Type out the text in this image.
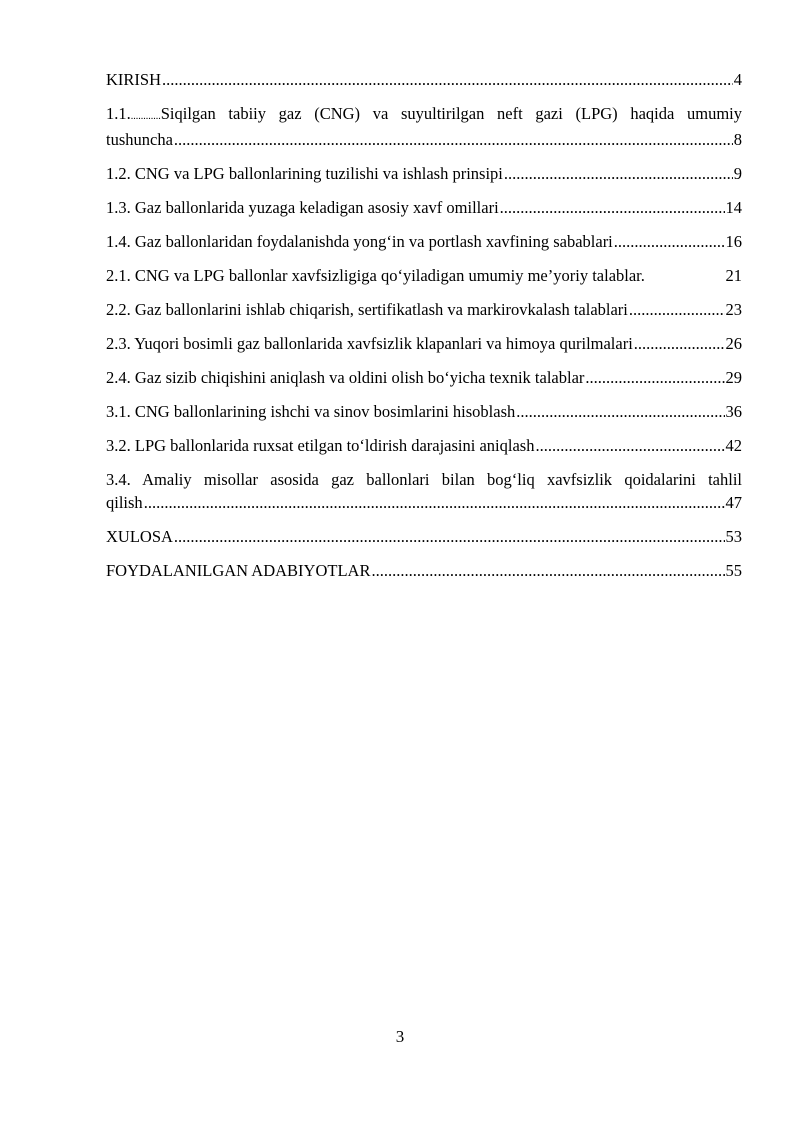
KIRISH .....	4
1.1.............Siqilgan tabiiy gaz (CNG) va suyultirilgan neft gazi (LPG) haqida umumiy
tushuncha .....	8
1.2. CNG va LPG ballonlarining tuzilishi va ishlash prinsipi .....	9
1.3. Gaz ballonlarida yuzaga keladigan asosiy xavf omillari .....	14
1.4. Gaz ballonlaridan foydalanishda yong‘in va portlash xavfining sabablari .....	16
2.1. CNG va LPG ballonlar xavfsizligiga qo‘yiladigan umumiy me’yoriy talablar.	21
2.2. Gaz ballonlarini ishlab chiqarish, sertifikatlash va markirovkalash talablari .....	23
2.3. Yuqori bosimli gaz ballonlarida xavfsizlik klapanlari va himoya qurilmalari .....	26
2.4. Gaz sizib chiqishini aniqlash va oldini olish bo‘yicha texnik talablar .....	29
3.1. CNG ballonlarining ishchi va sinov bosimlarini hisoblash .....	36
3.2. LPG ballonlarida ruxsat etilgan to‘ldirish darajasini aniqlash .....	42
3.4. Amaliy misollar asosida gaz ballonlari bilan bog‘liq xavfsizlik qoidalarini tahlil
qilish .....	47
XULOSA .....	53
FOYDALANILGAN ADABIYOTLAR .....	55
3
